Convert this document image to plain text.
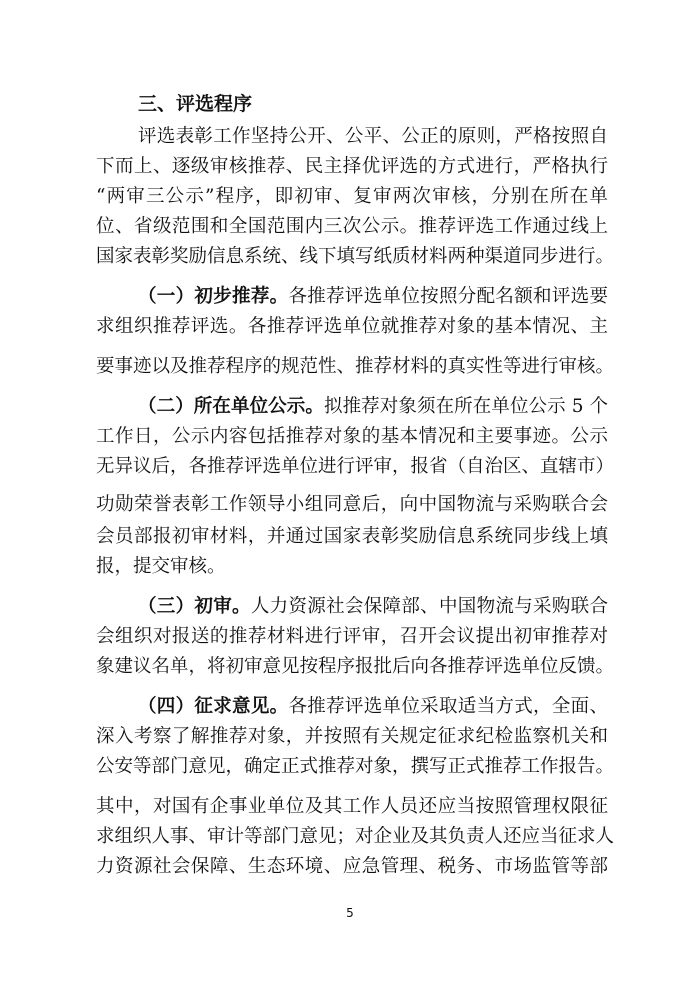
三、评选程序
评选表彰工作坚持公开、公平、公正的原则，严格按照自
下而上、逐级审核推荐、民主择优评选的方式进行，严格执行
“两审三公示”程序，即初审、复审两次审核，分别在所在单
位、省级范围和全国范围内三次公示。推荐评选工作通过线上
国家表彰奖励信息系统、线下填写纸质材料两种渠道同步进行。
（一）初步推荐。各推荐评选单位按照分配名额和评选要
求组织推荐评选。各推荐评选单位就推荐对象的基本情况、主
要事迹以及推荐程序的规范性、推荐材料的真实性等进行审核。
（二）所在单位公示。拟推荐对象须在所在单位公示 5 个
工作日，公示内容包括推荐对象的基本情况和主要事迹。公示
无异议后，各推荐评选单位进行评审，报省（自治区、直辖市）
功勋荣誉表彰工作领导小组同意后，向中国物流与采购联合会
会员部报初审材料，并通过国家表彰奖励信息系统同步线上填
报，提交审核。
（三）初审。人力资源社会保障部、中国物流与采购联合
会组织对报送的推荐材料进行评审，召开会议提出初审推荐对
象建议名单，将初审意见按程序报批后向各推荐评选单位反馈。
（四）征求意见。各推荐评选单位采取适当方式，全面、
深入考察了解推荐对象，并按照有关规定征求纪检监察机关和
公安等部门意见，确定正式推荐对象，撰写正式推荐工作报告。
其中，对国有企事业单位及其工作人员还应当按照管理权限征
求组织人事、审计等部门意见；对企业及其负责人还应当征求人
力资源社会保障、生态环境、应急管理、税务、市场监管等部
5
